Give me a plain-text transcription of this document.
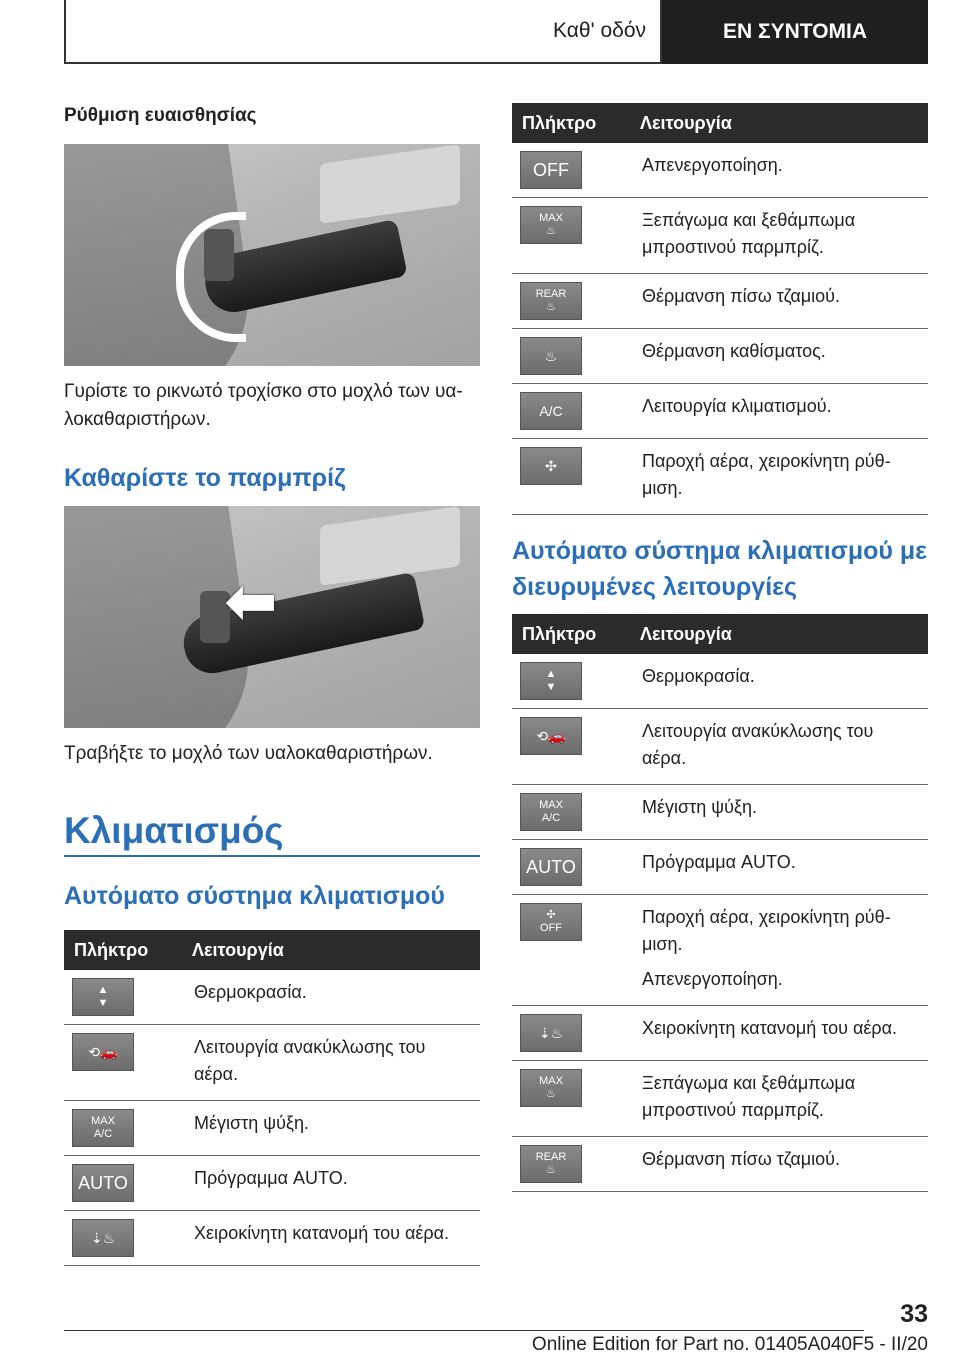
Καθ' οδόν	ΕΝ ΣΥΝΤΟΜΙΑ
Ρύθμιση ευαισθησίας
Γυρίστε το ρικνωτό τροχίσκο στο μοχλό των υα-λοκαθαριστήρων.
Καθαρίστε το παρμπρίζ
⬅
Τραβήξτε το μοχλό των υαλοκαθαριστήρων.
Κλιματισμός
Αυτόματο σύστημα κλιματισμού
Πλήκτρο	Λειτουργία

▲
▼	Θερμοκρασία.

⟲🚗	Λειτουργία ανακύκλωσης του αέρα.

MAX
A/C	Μέγιστη ψύξη.

AUTO	Πρόγραμμα AUTO.

⇣♨	Χειροκίνητη κατανομή του αέρα.
Πλήκτρο	Λειτουργία

OFF	Απενεργοποίηση.

MAX
♨	Ξεπάγωμα και ξεθάμπωμα μπροστινού παρμπρίζ.

REAR
♨	Θέρμανση πίσω τζαμιού.

♨	Θέρμανση καθίσματος.

A/C	Λειτουργία κλιματισμού.

✣	Παροχή αέρα, χειροκίνητη ρύθ-μιση.
Αυτόματο σύστημα κλιματισμού με διευρυμένες λειτουργίες
Πλήκτρο	Λειτουργία

▲
▼	Θερμοκρασία.

⟲🚗	Λειτουργία ανακύκλωσης του αέρα.

MAX
A/C	Μέγιστη ψύξη.

AUTO	Πρόγραμμα AUTO.

✣
OFF	Παροχή αέρα, χειροκίνητη ρύθ-μιση.
Απενεργοποίηση.

⇣♨	Χειροκίνητη κατανομή του αέρα.

MAX
♨	Ξεπάγωμα και ξεθάμπωμα μπροστινού παρμπρίζ.

REAR
♨	Θέρμανση πίσω τζαμιού.
33
Online Edition for Part no. 01405A040F5 - II/20
